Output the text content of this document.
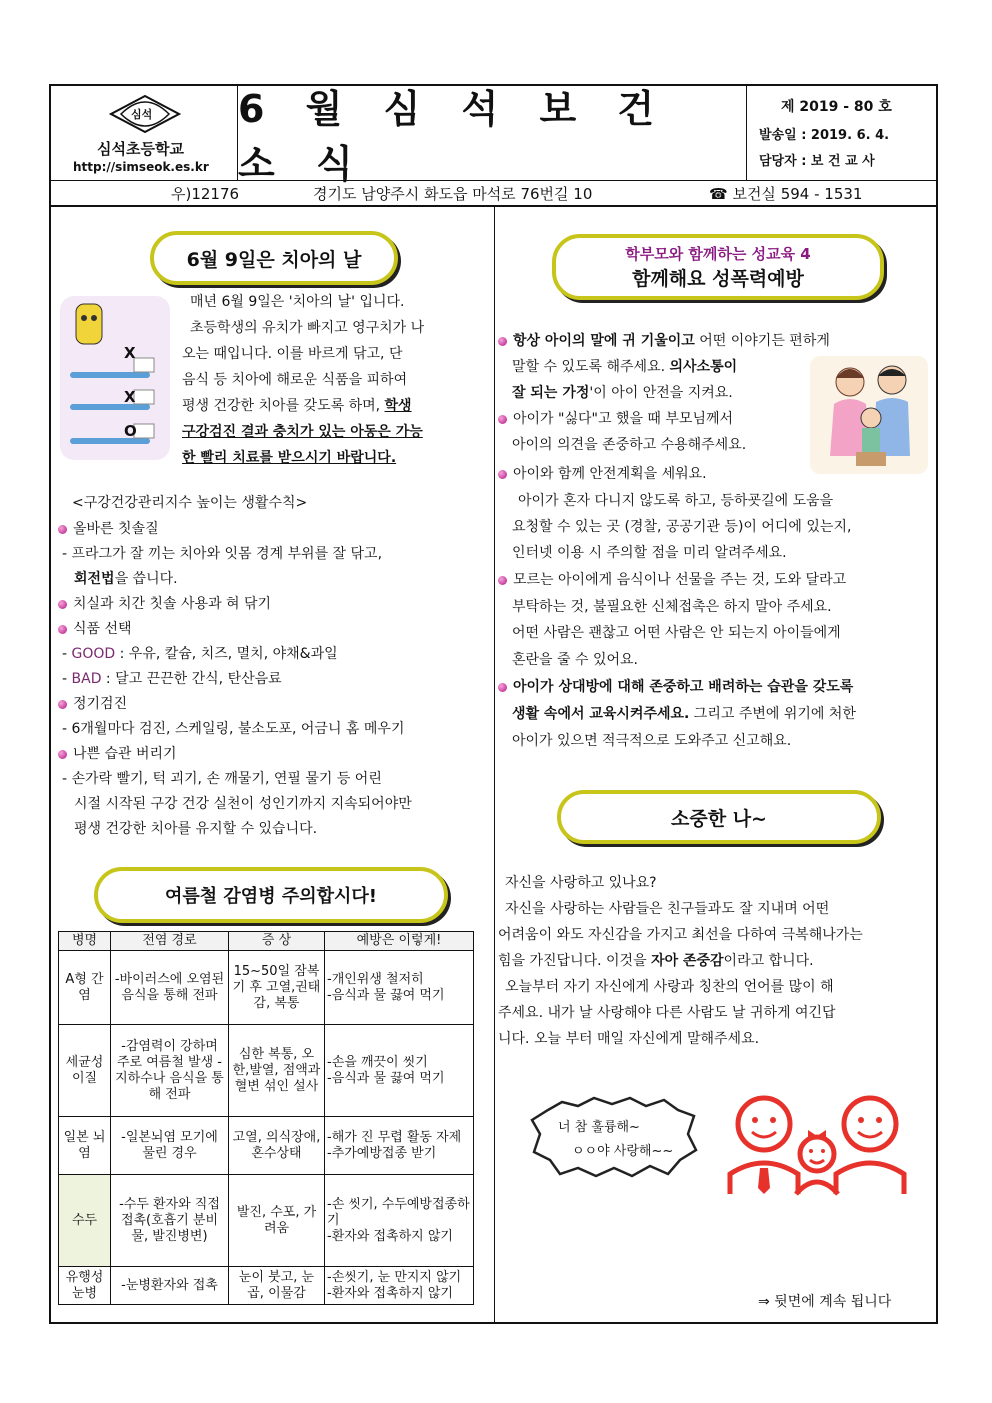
심석
심석초등학교
http://simseok.es.kr
6 월 심 석 보 건 소 식
제 2019 - 80 호
발송일 : 2019. 6. 4.
담당자 : 보 건 교 사
우)12176	경기도 남양주시 화도읍 마석로 76번길 10	☎ 보건실 594 - 1531
6월 9일은 치아의 날
X
X
O
매년 6월 9일은 '치아의 날' 입니다.
초등학생의 유치가 빠지고 영구치가 나
오는 때입니다. 이를 바르게 닦고, 단
음식 등 치아에 해로운 식품을 피하여
평생 건강한 치아를 갖도록 하며, 학생
구강검진 결과 충치가 있는 아동은 가능
한 빨리 치료를 받으시기 바랍니다.
<구강건강관리지수 높이는 생활수칙>
올바른 칫솔질
- 프라그가 잘 끼는 치아와 잇몸 경계 부위를 잘 닦고,
회전법을 씁니다.
치실과 치간 칫솔 사용과 혀 닦기
식품 선택
- GOOD : 우유, 칼슘, 치즈, 멸치, 야채&과일
- BAD : 달고 끈끈한 간식, 탄산음료
정기검진
- 6개월마다 검진, 스케일링, 불소도포, 어금니 홈 메우기
나쁜 습관 버리기
- 손가락 빨기, 턱 괴기, 손 깨물기, 연필 물기 등 어린
시절 시작된 구강 건강 실천이 성인기까지 지속되어야만
평생 건강한 치아를 유지할 수 있습니다.
여름철 감염병 주의합시다!
병명	전염 경로	증 상	예방은 이렇게!
A형 간염	-바이러스에 오염된 음식을 통해 전파	15~50일 잠복기 후 고열,권태감, 복통	-개인위생 철저히
-음식과 물 끓여 먹기

세균성 이질	-감염력이 강하며 주로 여름철 발생 -지하수나 음식을 통해 전파	심한 복통, 오한,발열, 점액과 혈변 섞인 설사	-손을 깨끗이 씻기
-음식과 물 끓여 먹기

일본 뇌염	-일본뇌염 모기에 물린 경우	고열, 의식장애, 혼수상태	-해가 진 무렵 활동 자제
-추가예방접종 받기

수두	-수두 환자와 직접 접촉(호흡기 분비물, 발진병변)	발진, 수포, 가려움	-손 씻기, 수두예방접종하기
-환자와 접촉하지 않기

유행성 눈병	-눈병환자와 접촉	눈이 붓고, 눈곱, 이물감	-손씻기, 눈 만지지 않기
-환자와 접촉하지 않기
학부모와 함께하는 성교육 4
함께해요 성폭력예방
항상 아이의 말에 귀 기울이고 어떤 이야기든 편하게
말할 수 있도록 해주세요. 의사소통이
잘 되는 가정'이 아이 안전을 지켜요.
아이가 "싫다"고 했을 때 부모님께서
아이의 의견을 존중하고 수용해주세요.
아이와 함께 안전계획을 세워요.
아이가 혼자 다니지 않도록 하고, 등하굣길에 도움을
요청할 수 있는 곳 (경찰, 공공기관 등)이 어디에 있는지,
인터넷 이용 시 주의할 점을 미리 알려주세요.
모르는 아이에게 음식이나 선물을 주는 것, 도와 달라고
부탁하는 것, 불필요한 신체접촉은 하지 말아 주세요.
어떤 사람은 괜찮고 어떤 사람은 안 되는지 아이들에게
혼란을 줄 수 있어요.
아이가 상대방에 대해 존중하고 배려하는 습관을 갖도록
생활 속에서 교육시켜주세요. 그리고 주변에 위기에 처한
아이가 있으면 적극적으로 도와주고 신고해요.
소중한 나~
자신을 사랑하고 있나요?
자신을 사랑하는 사람들은 친구들과도 잘 지내며 어떤
어려움이 와도 자신감을 가지고 최선을 다하여 극복해나가는
힘을 가진답니다. 이것을 자아 존중감이라고 합니다.
오늘부터 자기 자신에게 사랑과 칭찬의 언어를 많이 해
주세요. 내가 날 사랑해야 다른 사람도 날 귀하게 여긴답
니다. 오늘 부터 매일 자신에게 말해주세요.
너 참 훌륭해~
ㅇㅇ야 사랑해~~
⇒ 뒷면에 계속 됩니다
